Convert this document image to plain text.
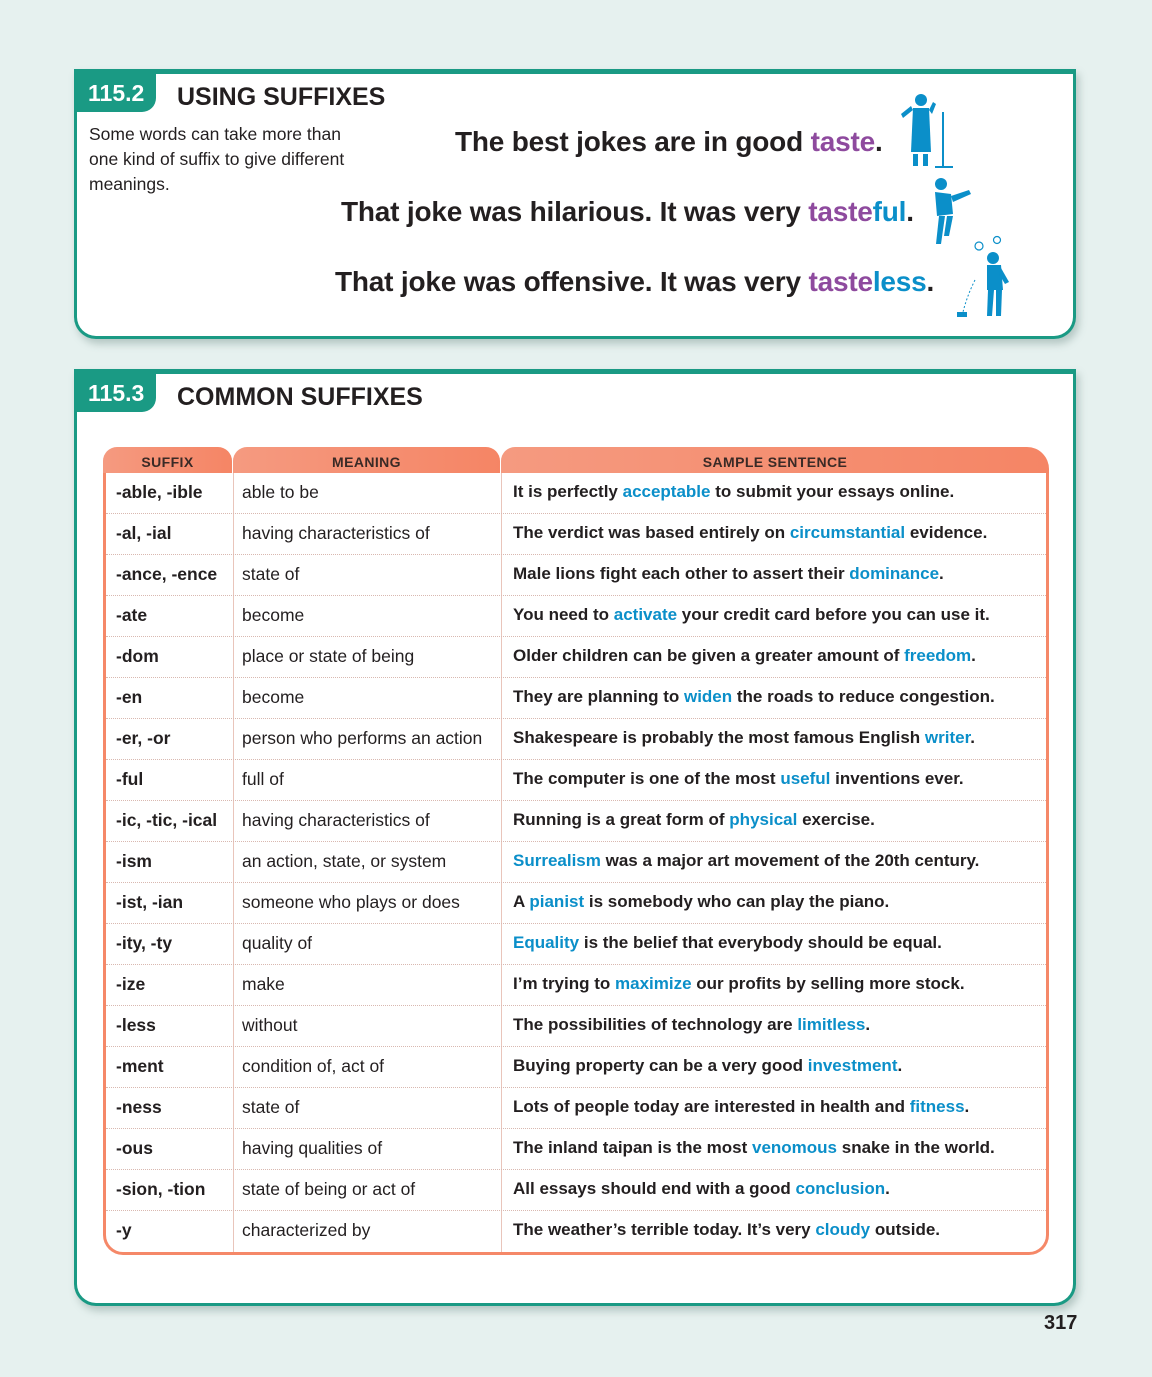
115.2	USING SUFFIXES
Some words can take more than one kind of suffix to give different meanings.
The best jokes are in good taste.
That joke was hilarious. It was very tasteful.
That joke was offensive. It was very tasteless.
115.3	COMMON SUFFIXES
SUFFIX	MEANING	SAMPLE SENTENCE
-able, -ible	able to be	It is perfectly acceptable to submit your essays online.
-al, -ial	having characteristics of	The verdict was based entirely on circumstantial evidence.
-ance, -ence	state of	Male lions fight each other to assert their dominance.
-ate	become	You need to activate your credit card before you can use it.
-dom	place or state of being	Older children can be given a greater amount of freedom.
-en	become	They are planning to widen the roads to reduce congestion.
-er, -or	person who performs an action	Shakespeare is probably the most famous English writer.
-ful	full of	The computer is one of the most useful inventions ever.
-ic, -tic, -ical	having characteristics of	Running is a great form of physical exercise.
-ism	an action, state, or system	Surrealism was a major art movement of the 20th century.
-ist, -ian	someone who plays or does	A pianist is somebody who can play the piano.
-ity, -ty	quality of	Equality is the belief that everybody should be equal.
-ize	make	I’m trying to maximize our profits by selling more stock.
-less	without	The possibilities of technology are limitless.
-ment	condition of, act of	Buying property can be a very good investment.
-ness	state of	Lots of people today are interested in health and fitness.
-ous	having qualities of	The inland taipan is the most venomous snake in the world.
-sion, -tion	state of being or act of	All essays should end with a good conclusion.
-y	characterized by	The weather’s terrible today. It’s very cloudy outside.
317
